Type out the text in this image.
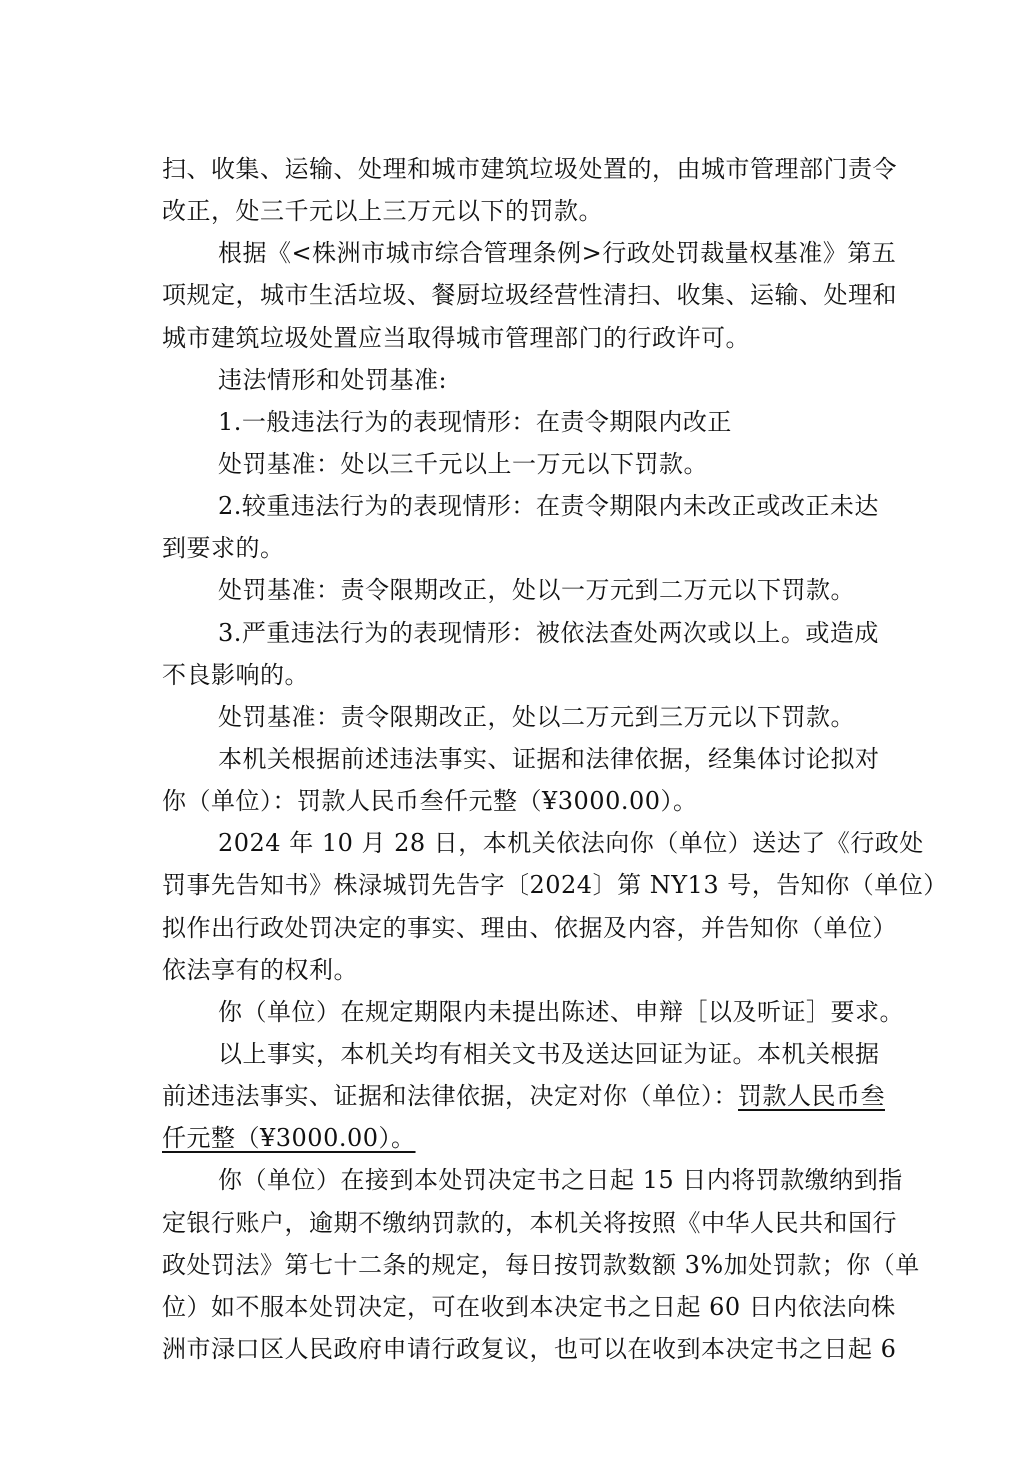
扫、收集、运输、处理和城市建筑垃圾处置的，由城市管理部门责令
改正，处三千元以上三万元以下的罚款。
根据《<株洲市城市综合管理条例>行政处罚裁量权基准》第五
项规定，城市生活垃圾、餐厨垃圾经营性清扫、收集、运输、处理和
城市建筑垃圾处置应当取得城市管理部门的行政许可。
违法情形和处罚基准:
1.一般违法行为的表现情形：在责令期限内改正
处罚基准：处以三千元以上一万元以下罚款。
2.较重违法行为的表现情形：在责令期限内未改正或改正未达
到要求的。
处罚基准：责令限期改正，处以一万元到二万元以下罚款。
3.严重违法行为的表现情形：被依法查处两次或以上。或造成
不良影响的。
处罚基准：责令限期改正，处以二万元到三万元以下罚款。
本机关根据前述违法事实、证据和法律依据，经集体讨论拟对
你（单位）：罚款人民币叁仟元整（¥3000.00）。
2024 年 10 月 28 日，本机关依法向你（单位）送达了《行政处
罚事先告知书》株渌城罚先告字〔2024〕第 NY13 号，告知你（单位）
拟作出行政处罚决定的事实、理由、依据及内容，并告知你（单位）
依法享有的权利。
你（单位）在规定期限内未提出陈述、申辩［以及听证］要求。
以上事实，本机关均有相关文书及送达回证为证。本机关根据
前述违法事实、证据和法律依据，决定对你（单位）：罚款人民币叁
仟元整（¥3000.00）。
你（单位）在接到本处罚决定书之日起 15 日内将罚款缴纳到指
定银行账户，逾期不缴纳罚款的，本机关将按照《中华人民共和国行
政处罚法》第七十二条的规定，每日按罚款数额 3%加处罚款；你（单
位）如不服本处罚决定，可在收到本决定书之日起 60 日内依法向株
洲市渌口区人民政府申请行政复议，也可以在收到本决定书之日起 6
